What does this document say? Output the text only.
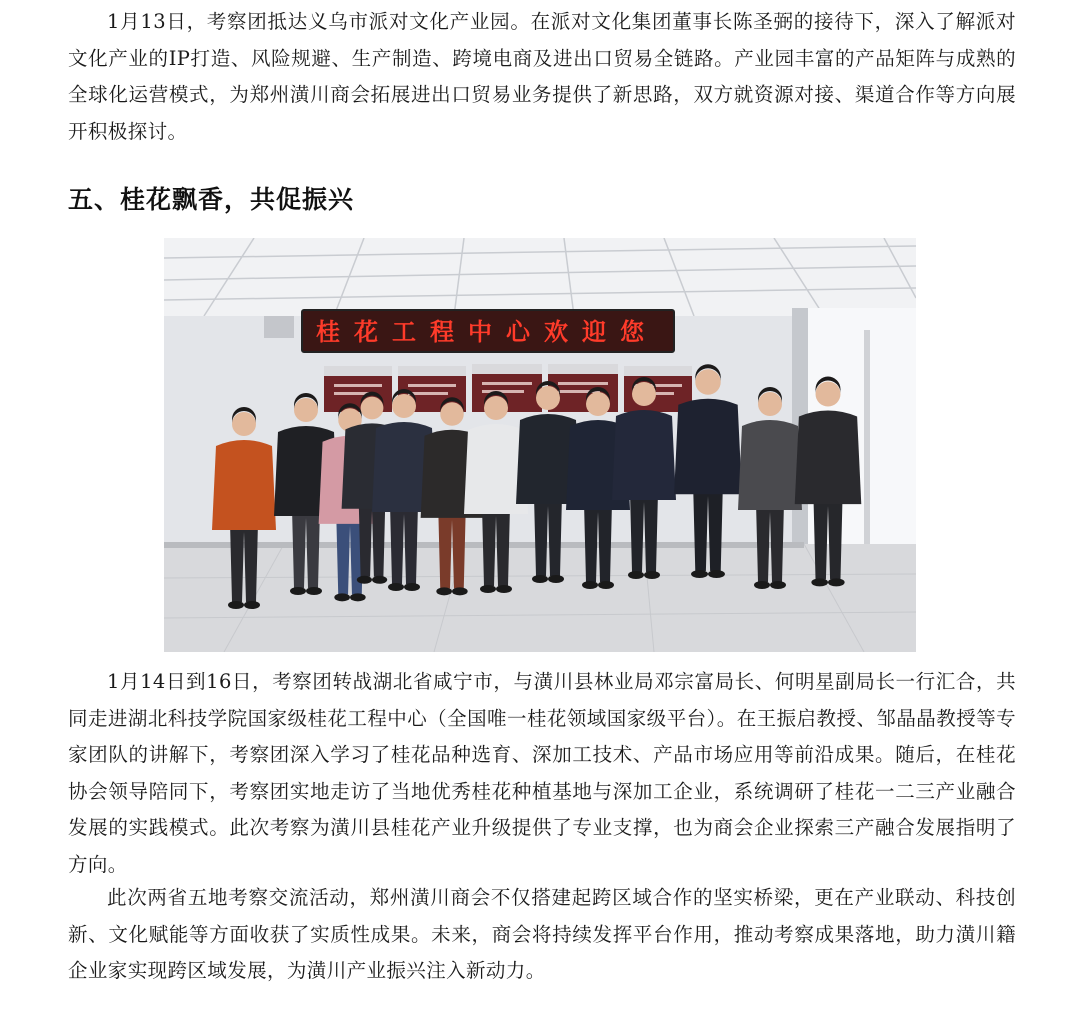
1月13日，考察团抵达义乌市派对文化产业园。在派对文化集团董事长陈圣弼的接待下，深入了解派对文化产业的IP打造、风险规避、生产制造、跨境电商及进出口贸易全链路。产业园丰富的产品矩阵与成熟的全球化运营模式，为郑州潢川商会拓展进出口贸易业务提供了新思路，双方就资源对接、渠道合作等方向展开积极探讨。

五、桂花飘香，共促振兴
桂花工程中心欢迎您

1月14日到16日，考察团转战湖北省咸宁市，与潢川县林业局邓宗富局长、何明星副局长一行汇合，共同走进湖北科技学院国家级桂花工程中心（全国唯一桂花领域国家级平台）。在王振启教授、邹晶晶教授等专家团队的讲解下，考察团深入学习了桂花品种选育、深加工技术、产品市场应用等前沿成果。随后，在桂花协会领导陪同下，考察团实地走访了当地优秀桂花种植基地与深加工企业，系统调研了桂花一二三产业融合发展的实践模式。此次考察为潢川县桂花产业升级提供了专业支撑，也为商会企业探索三产融合发展指明了方向。

此次两省五地考察交流活动，郑州潢川商会不仅搭建起跨区域合作的坚实桥梁，更在产业联动、科技创新、文化赋能等方面收获了实质性成果。未来，商会将持续发挥平台作用，推动考察成果落地，助力潢川籍企业家实现跨区域发展，为潢川产业振兴注入新动力。
